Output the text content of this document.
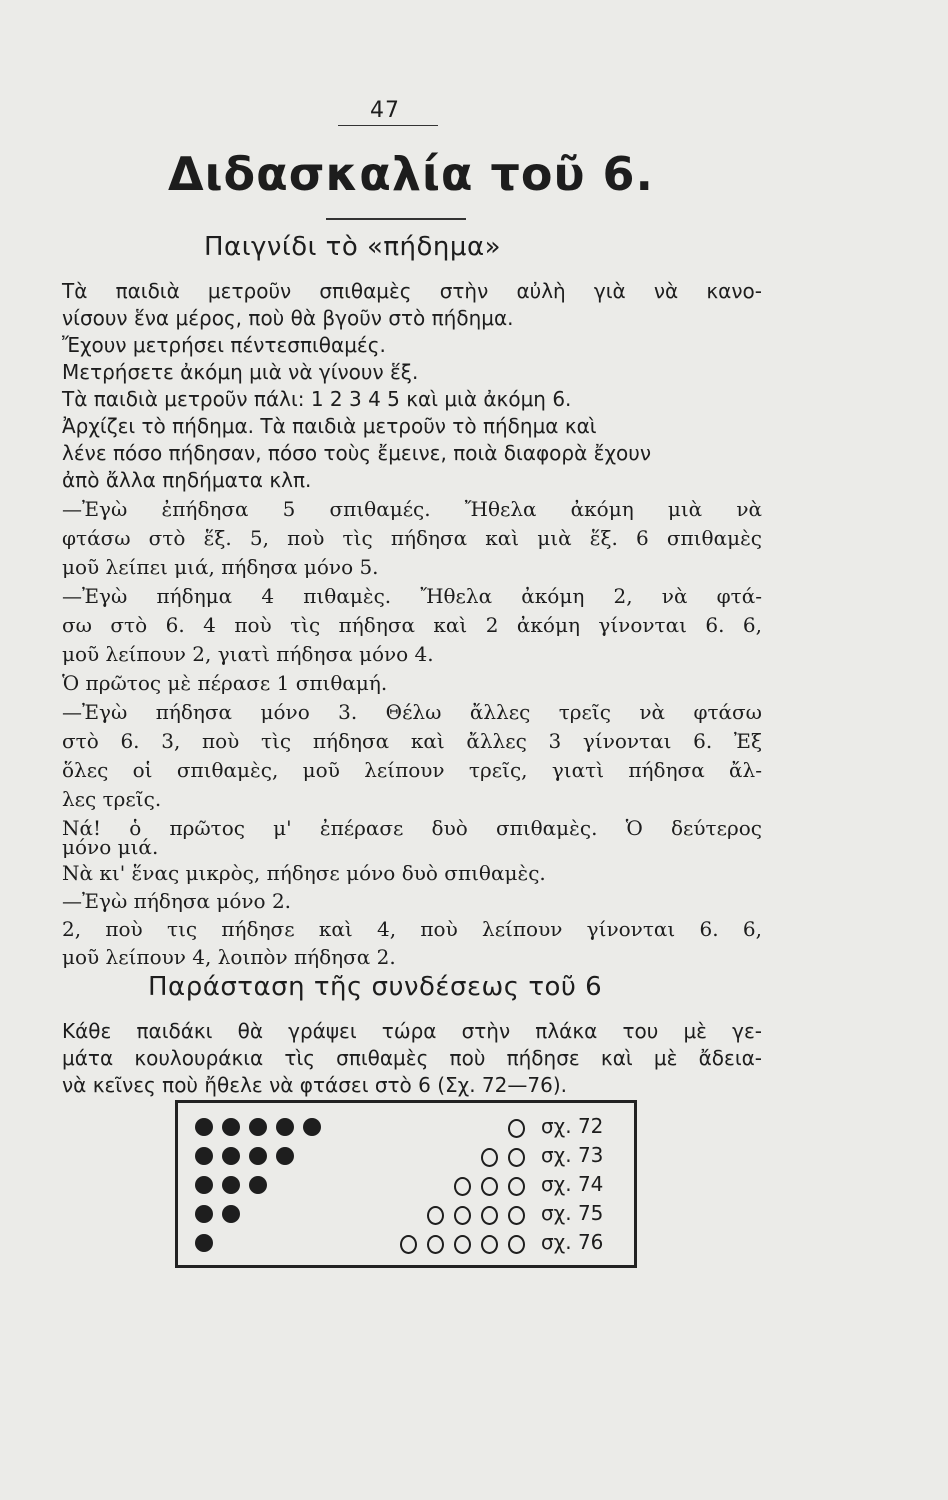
47
Διδασκαλία τοῦ 6.
Παιγνίδι τὸ «πήδημα»
Τὰ παιδιὰ μετροῦν σπιθαμὲς στὴν αὐλὴ γιὰ νὰ κανο-
νίσουν ἕνα μέρος, ποὺ θὰ βγοῦν στὸ πήδημα.
Ἔχουν μετρήσει πέντεσπιθαμές.
Μετρήσετε ἀκόμη μιὰ νὰ γίνουν ἕξ.
Τὰ παιδιὰ μετροῦν πάλι: 1 2 3 4 5 καὶ μιὰ ἀκόμη 6.
Ἀρχίζει τὸ πήδημα. Τὰ παιδιὰ μετροῦν τὸ πήδημα καὶ
λένε πόσο πήδησαν, πόσο τοὺς ἔμεινε, ποιὰ διαφορὰ ἔχουν
ἀπὸ ἄλλα πηδήματα κλπ.
—Ἐγὼ ἐπήδησα 5 σπιθαμές. Ἤθελα ἀκόμη μιὰ νὰ
φτάσω στὸ ἕξ. 5, ποὺ τὶς πήδησα καὶ μιὰ ἕξ. 6 σπιθαμὲς
μοῦ λείπει μιά, πήδησα μόνο 5.
—Ἐγὼ πήδημα 4 πιθαμὲς. Ἤθελα ἀκόμη 2, νὰ φτά-
σω στὸ 6. 4 ποὺ τὶς πήδησα καὶ 2 ἀκόμη γίνονται 6. 6,
μοῦ λείπουν 2, γιατὶ πήδησα μόνο 4.
Ὁ πρῶτος μὲ πέρασε 1 σπιθαμή.
—Ἐγὼ πήδησα μόνο 3. Θέλω ἄλλες τρεῖς νὰ φτάσω
στὸ 6. 3, ποὺ τὶς πήδησα καὶ ἄλλες 3 γίνονται 6. Ἐξ
ὅλες οἱ σπιθαμὲς, μοῦ λείπουν τρεῖς, γιατὶ πήδησα ἄλ-
λες τρεῖς.
Νά! ὁ πρῶτος μ' ἐπέρασε δυὸ σπιθαμὲς. Ὁ δεύτερος
μόνο μιά.
Νὰ κι' ἕνας μικρὸς, πήδησε μόνο δυὸ σπιθαμὲς.
—Ἐγὼ πήδησα μόνο 2.
2, ποὺ τις πήδησε καὶ 4, ποὺ λείπουν γίνονται 6. 6,
Παράσταση τῆς συνδέσεως τοῦ 6
Κάθε παιδάκι θὰ γράψει τώρα στὴν πλάκα του μὲ γε-
μάτα κουλουράκια τὶς σπιθαμὲς ποὺ πήδησε καὶ μὲ ἄδεια-
νὰ κεῖνες ποὺ ἤθελε νὰ φτάσει στὸ 6 (Σχ. 72—76).
σχ. 72
σχ. 73
σχ. 74
σχ. 75
σχ. 76
μοῦ λείπουν 4, λοιπὸν πήδησα 2.
